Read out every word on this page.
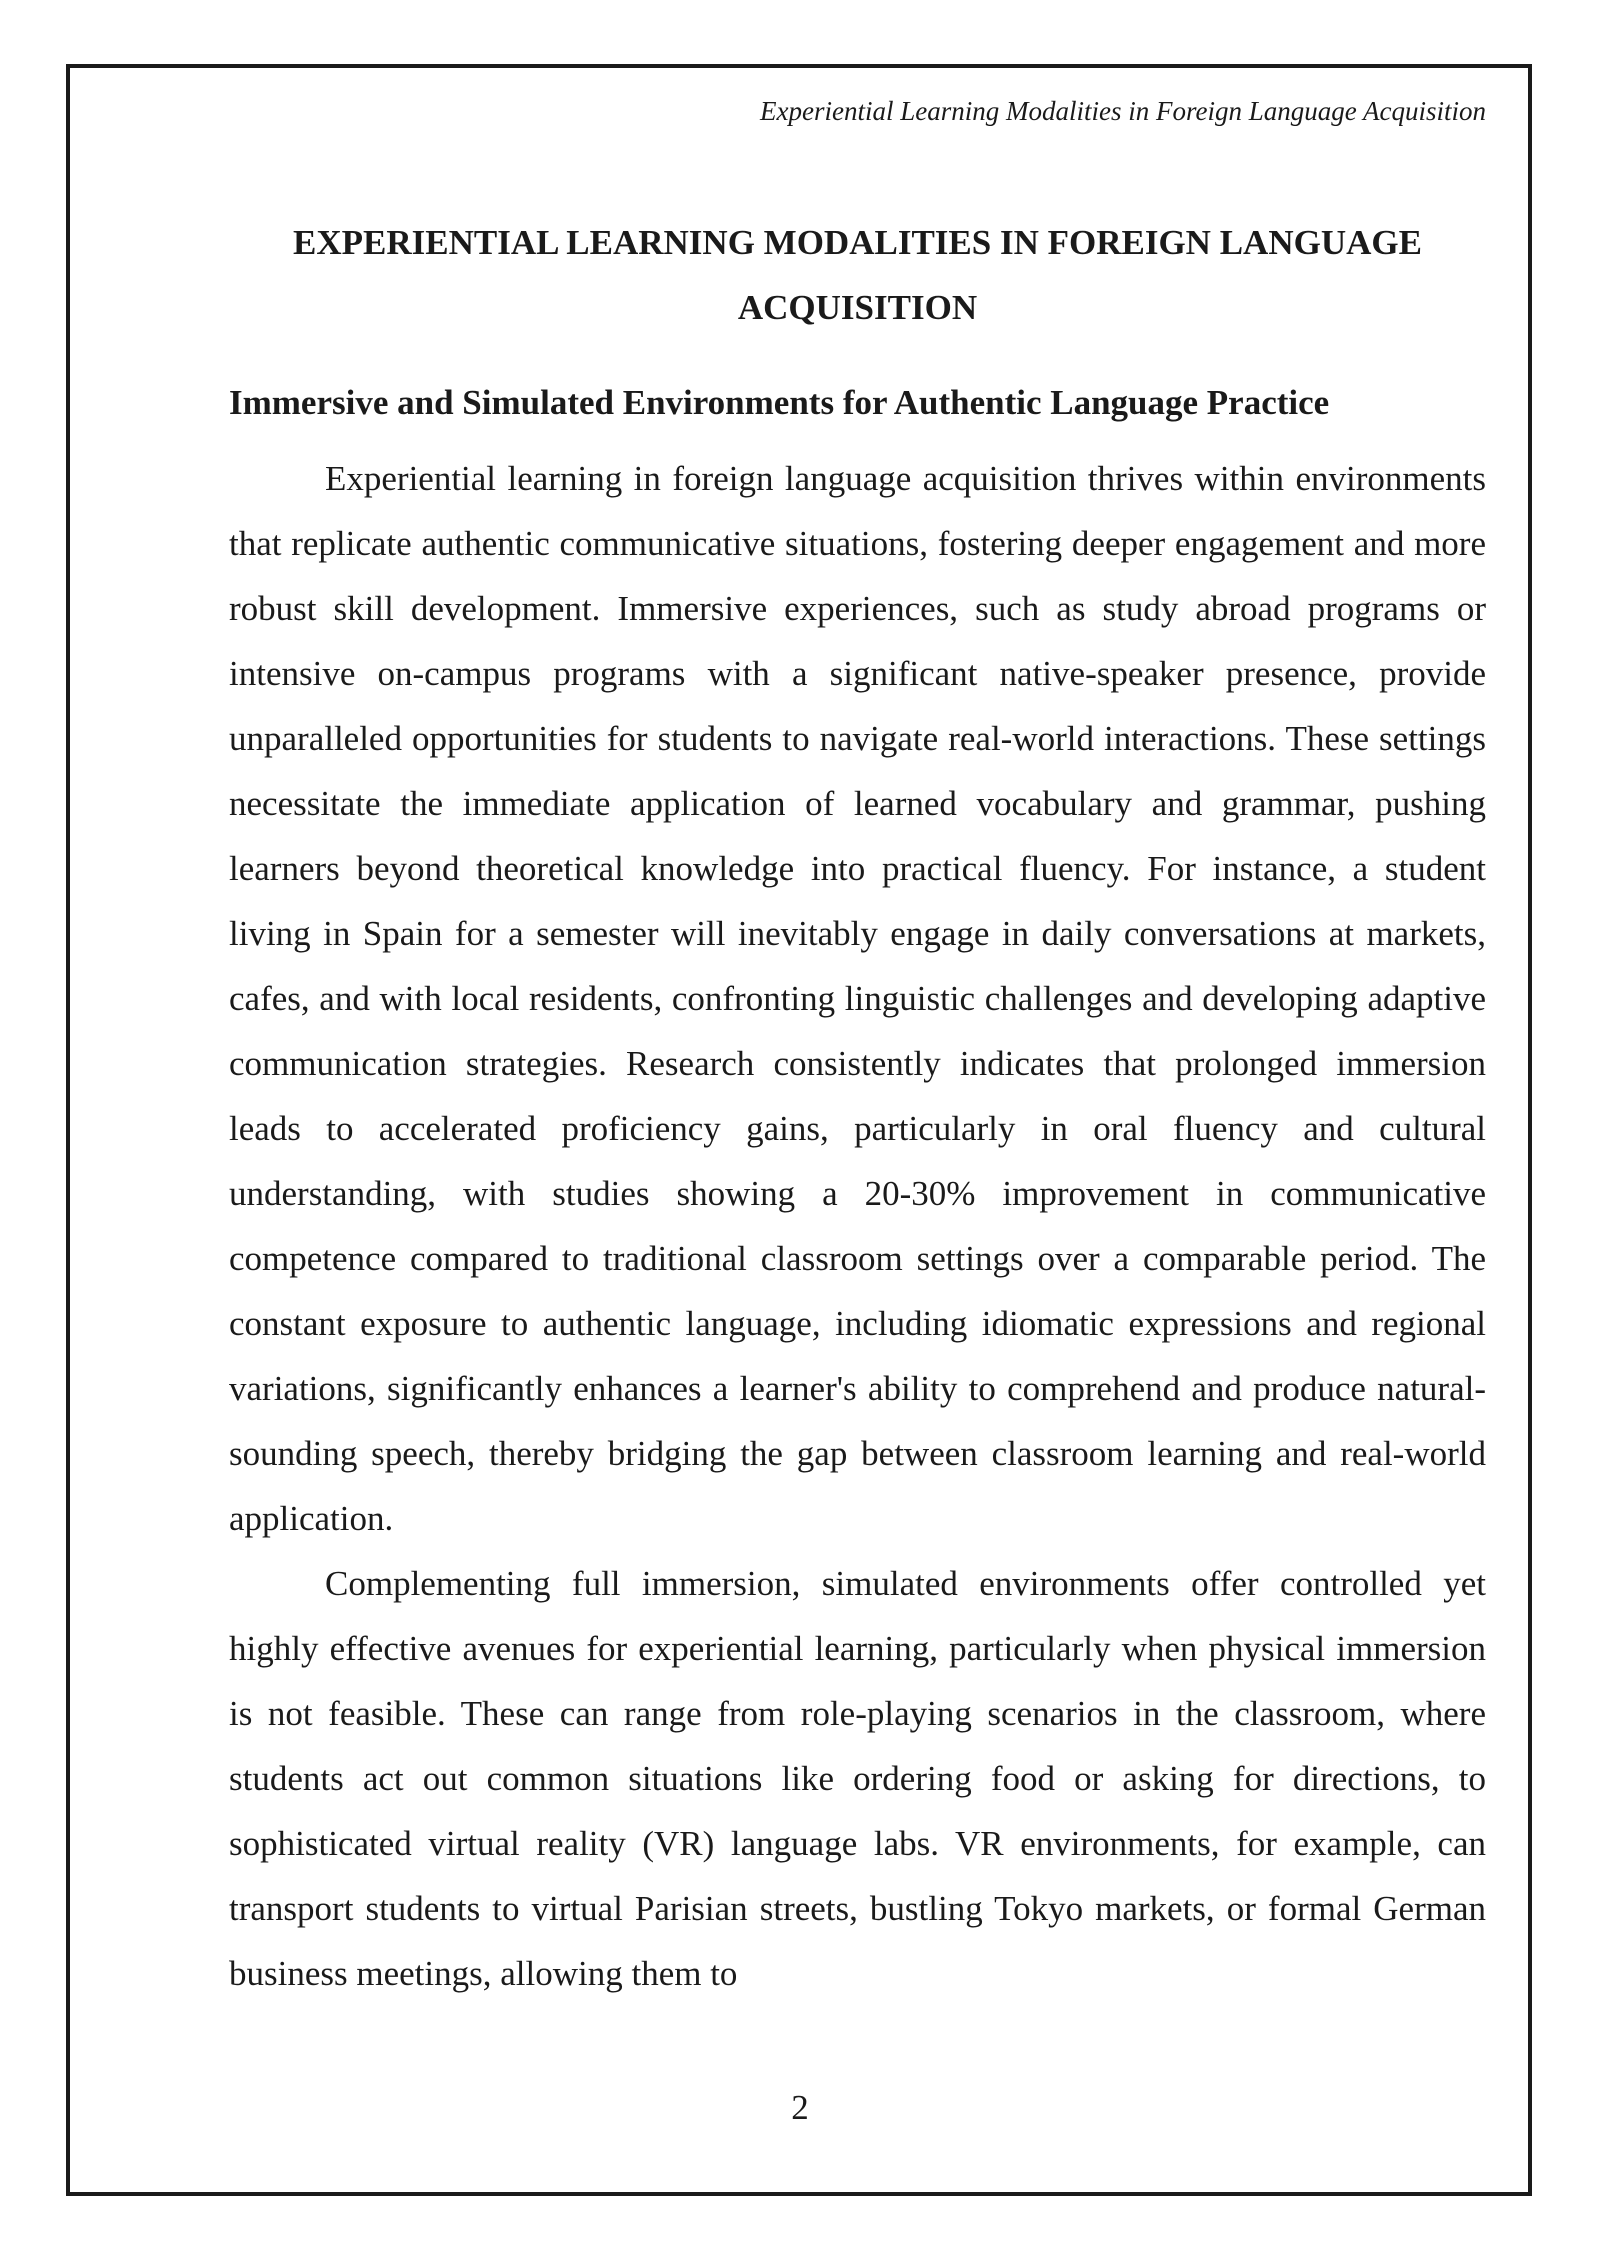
Experiential Learning Modalities in Foreign Language Acquisition
EXPERIENTIAL LEARNING MODALITIES IN FOREIGN LANGUAGE ACQUISITION
Immersive and Simulated Environments for Authentic Language Practice

Experiential learning in foreign language acquisition thrives within environments that replicate authentic communicative situations, fostering deeper engagement and more robust skill development. Immersive experiences, such as study abroad programs or intensive on-campus programs with a significant native-speaker presence, provide unparalleled opportunities for students to navigate real-world interactions. These settings necessitate the immediate application of learned vocabulary and grammar, pushing learners beyond theoretical knowledge into practical fluency. For instance, a student living in Spain for a semester will inevitably engage in daily conversations at markets, cafes, and with local residents, confronting linguistic challenges and developing adaptive communication strategies. Research consistently indicates that prolonged immersion leads to accelerated proficiency gains, particularly in oral fluency and cultural understanding, with studies showing a 20-30% improvement in communicative competence compared to traditional classroom settings over a comparable period. The constant exposure to authentic language, including idiomatic expressions and regional variations, significantly enhances a learner's ability to comprehend and produce natural-sounding speech, thereby bridging the gap between classroom learning and real-world application.

Complementing full immersion, simulated environments offer controlled yet highly effective avenues for experiential learning, particularly when physical immersion is not feasible. These can range from role-playing scenarios in the classroom, where students act out common situations like ordering food or asking for directions, to sophisticated virtual reality (VR) language labs. VR environments, for example, can transport students to virtual Parisian streets, bustling Tokyo markets, or formal German business meetings, allowing them to

2
